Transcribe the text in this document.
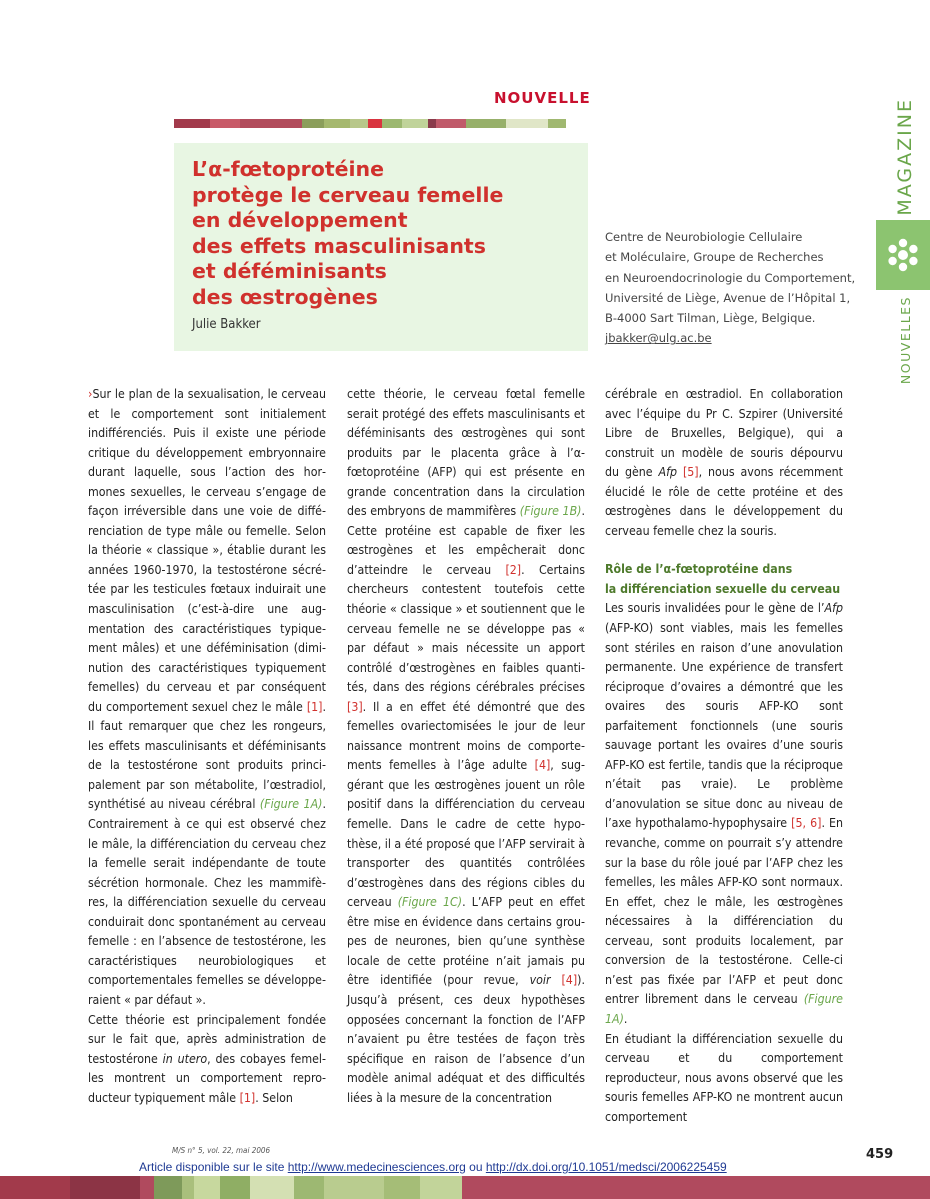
NOUVELLE
L’α-fœtoprotéine
protège le cerveau femelle
en développement
des effets masculinisants
et déféminisants
des œstrogènes
Julie Bakker
Centre de Neurobiologie Cellulaire
et Moléculaire, Groupe de Recherches
en Neuroendocrinologie du Comportement,
Université de Liège, Avenue de l’Hôpital 1,
B-4000 Sart Tilman, Liège, Belgique.
jbakker@ulg.ac.be
MAGAZINE
NOUVELLES

›Sur le plan de la sexualisation, le cerveau et le comportement sont initialement indifférenciés. Puis il existe une période critique du développement embryonnaire durant laquelle, sous l’action des hormones sexuelles, le cerveau s’engage de façon irréversible dans une voie de différenciation de type mâle ou femelle. Selon la théorie « classique », établie durant les années 1960-1970, la testostérone sécrétée par les testicules fœtaux induirait une masculinisation (c’est-à-dire une augmentation des caractéristiques typiquement mâles) et une déféminisation (diminution des caractéristiques typiquement femelles) du cerveau et par conséquent du comportement sexuel chez le mâle [1]. Il faut remarquer que chez les rongeurs, les effets masculinisants et déféminisants de la testostérone sont produits principalement par son métabolite, l’œstradiol, synthétisé au niveau cérébral (Figure 1A). Contrairement à ce qui est observé chez le mâle, la différenciation du cerveau chez la femelle serait indépendante de toute sécrétion hormonale. Chez les mammifères, la différenciation sexuelle du cerveau conduirait donc spontanément au cerveau femelle : en l’absence de testostérone, les caractéristiques neurobiologiques et comportementales femelles se développeraient « par défaut ».

Cette théorie est principalement fondée sur le fait que, après administration de testostérone in utero, des cobayes femelles montrent un comportement reproducteur typiquement mâle [1]. Selon

cette théorie, le cerveau fœtal femelle serait protégé des effets masculinisants et déféminisants des œstrogènes qui sont produits par le placenta grâce à l’α-fœtoprotéine (AFP) qui est présente en grande concentration dans la circulation des embryons de mammifères (Figure 1B). Cette protéine est capable de fixer les œstrogènes et les empêcherait donc d’atteindre le cerveau [2]. Certains chercheurs contestent toutefois cette théorie « classique » et soutiennent que le cerveau femelle ne se développe pas « par défaut » mais nécessite un apport contrôlé d’œstrogènes en faibles quantités, dans des régions cérébrales précises [3]. Il a en effet été démontré que des femelles ovariectomisées le jour de leur naissance montrent moins de comportements femelles à l’âge adulte [4], suggérant que les œstrogènes jouent un rôle positif dans la différenciation du cerveau femelle. Dans le cadre de cette hypothèse, il a été proposé que l’AFP servirait à transporter des quantités contrôlées d’œstrogènes dans des régions cibles du cerveau (Figure 1C). L’AFP peut en effet être mise en évidence dans certains groupes de neurones, bien qu’une synthèse locale de cette protéine n’ait jamais pu être identifiée (pour revue, voir [4]). Jusqu’à présent, ces deux hypothèses opposées concernant la fonction de l’AFP n’avaient pu être testées de façon très spécifique en raison de l’absence d’un modèle animal adéquat et des difficultés liées à la mesure de la concentration

cérébrale en œstradiol. En collaboration avec l’équipe du Pr C. Szpirer (Université Libre de Bruxelles, Belgique), qui a construit un modèle de souris dépourvu du gène Afp [5], nous avons récemment élucidé le rôle de cette protéine et des œstrogènes dans le développement du cerveau femelle chez la souris.

Rôle de l’α-fœtoprotéine dans
la différenciation sexuelle du cerveau

Les souris invalidées pour le gène de l’Afp (AFP-KO) sont viables, mais les femelles sont stériles en raison d’une anovulation permanente. Une expérience de transfert réciproque d’ovaires a démontré que les ovaires des souris AFP-KO sont parfaitement fonctionnels (une souris sauvage portant les ovaires d’une souris AFP-KO est fertile, tandis que la réciproque n’était pas vraie). Le problème d’anovulation se situe donc au niveau de l’axe hypothalamo-hypophysaire [5, 6]. En revanche, comme on pourrait s’y attendre sur la base du rôle joué par l’AFP chez les femelles, les mâles AFP-KO sont normaux. En effet, chez le mâle, les œstrogènes nécessaires à la différenciation du cerveau, sont produits localement, par conversion de la testostérone. Celle-ci n’est pas fixée par l’AFP et peut donc entrer librement dans le cerveau (Figure 1A).

En étudiant la différenciation sexuelle du cerveau et du comportement reproducteur, nous avons observé que les souris femelles AFP-KO ne montrent aucun comportement

M/S n° 5, vol. 22, mai 2006	459
Article disponible sur le site http://www.medecinesciences.org ou http://dx.doi.org/10.1051/medsci/2006225459
